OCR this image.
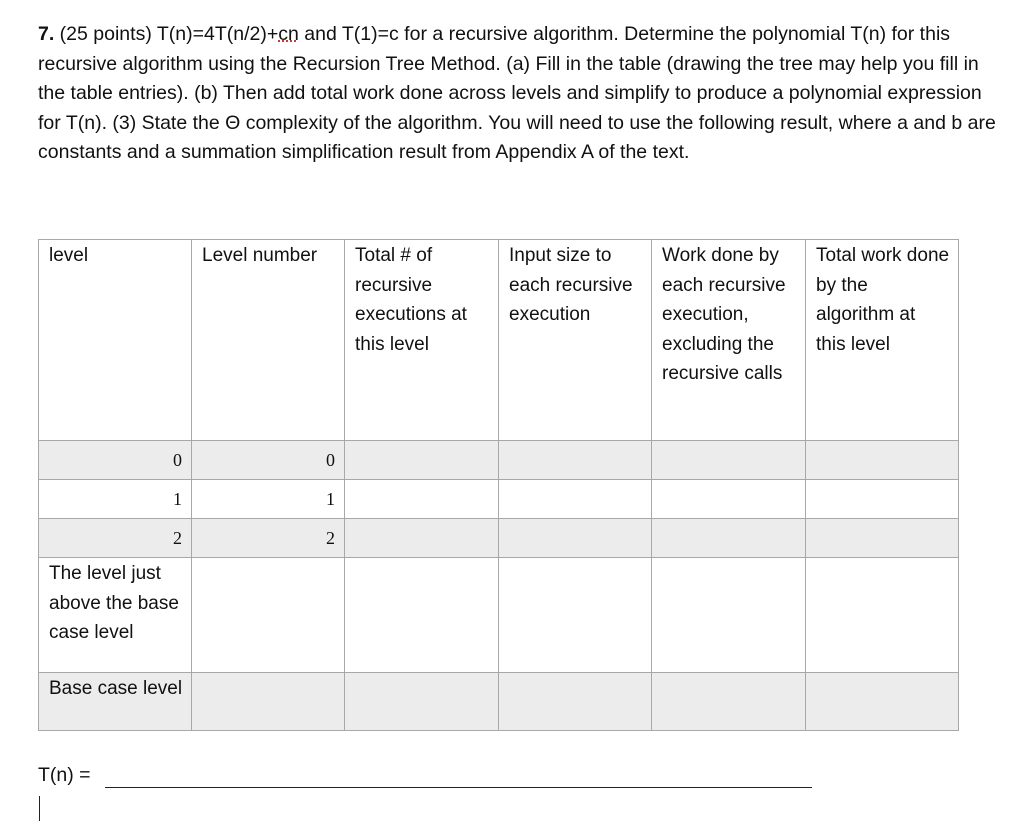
7. (25 points) T(n)=4T(n/2)+cn and T(1)=c for a recursive algorithm. Determine the polynomial T(n) for this recursive algorithm using the Recursion Tree Method. (a) Fill in the table (drawing the tree may help you fill in the table entries). (b) Then add total work done across levels and simplify to produce a polynomial expression for T(n). (3) State the Θ complexity of the algorithm. You will need to use the following result, where a and b are constants and a summation simplification result from Appendix A of the text.

level	Level number	Total # of recursive executions at this level	Input size to each recursive execution	Work done by each recursive execution, excluding the recursive calls	Total work done by the algorithm at this level
0	0				
1	1				
2	2				
The level just above the base case level					
Base case level					
T(n) =
